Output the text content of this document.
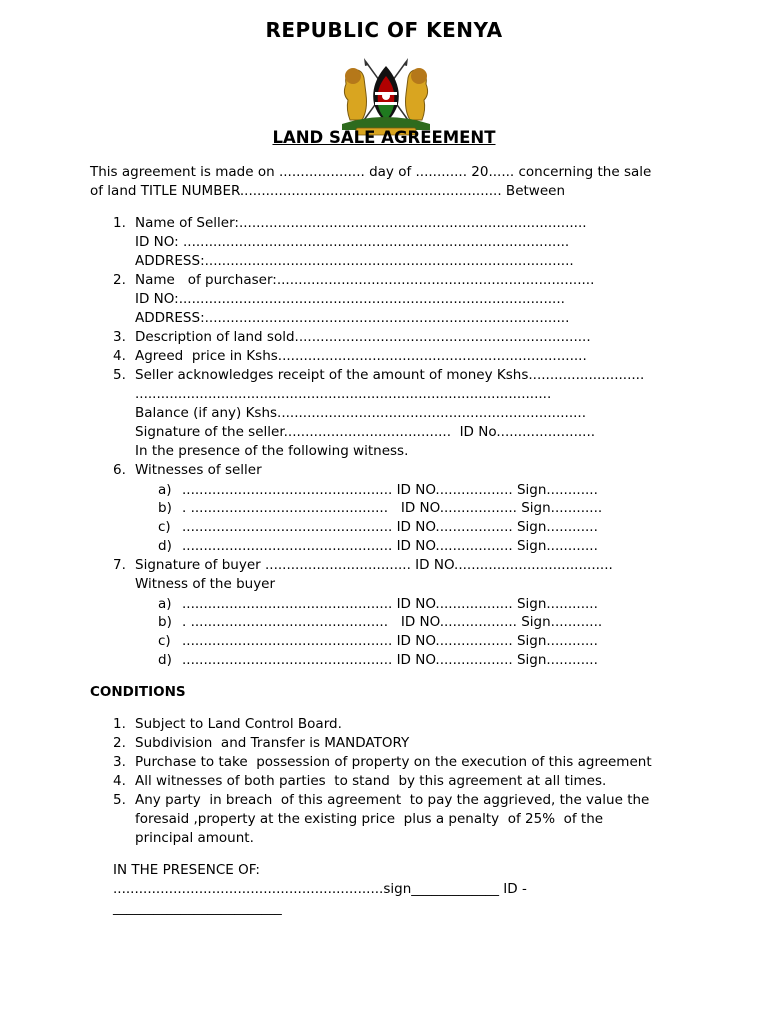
REPUBLIC OF KENYA
LAND SALE AGREEMENT
This agreement is made on .................... day of ............ 20...... concerning the sale
of land TITLE NUMBER............................................................. Between
1. Name of Seller:.................................................................................
ID NO: ..........................................................................................
ADDRESS:......................................................................................
2. Name   of purchaser:..........................................................................
ID NO:..........................................................................................
ADDRESS:.....................................................................................
3. Description of land sold.....................................................................
4. Agreed  price in Kshs........................................................................
5. Seller acknowledges receipt of the amount of money Kshs...........................
.................................................................................................
Balance (if any) Kshs........................................................................
Signature of the seller.......................................  ID No.......................
In the presence of the following witness.
6. Witnesses of seller
a) ................................................. ID NO.................. Sign............
b) . ..............................................   ID NO.................. Sign............
c) ................................................. ID NO.................. Sign............
d) ................................................. ID NO.................. Sign............
7. Signature of buyer .................................. ID NO.....................................
Witness of the buyer
a) ................................................. ID NO.................. Sign............
b) . ..............................................   ID NO.................. Sign............
c) ................................................. ID NO.................. Sign............
d) ................................................. ID NO.................. Sign............
CONDITIONS
1. Subject to Land Control Board.
2. Subdivision  and Transfer is MANDATORY
3. Purchase to take  possession of property on the execution of this agreement
4. All witnesses of both parties  to stand  by this agreement at all times.
5. Any party  in breach  of this agreement  to pay the aggrieved, the value the
foresaid ,property at the existing price  plus a penalty  of 25%  of the
principal amount.
IN THE PRESENCE OF:
...............................................................sign_____________ ID -
_________________________
